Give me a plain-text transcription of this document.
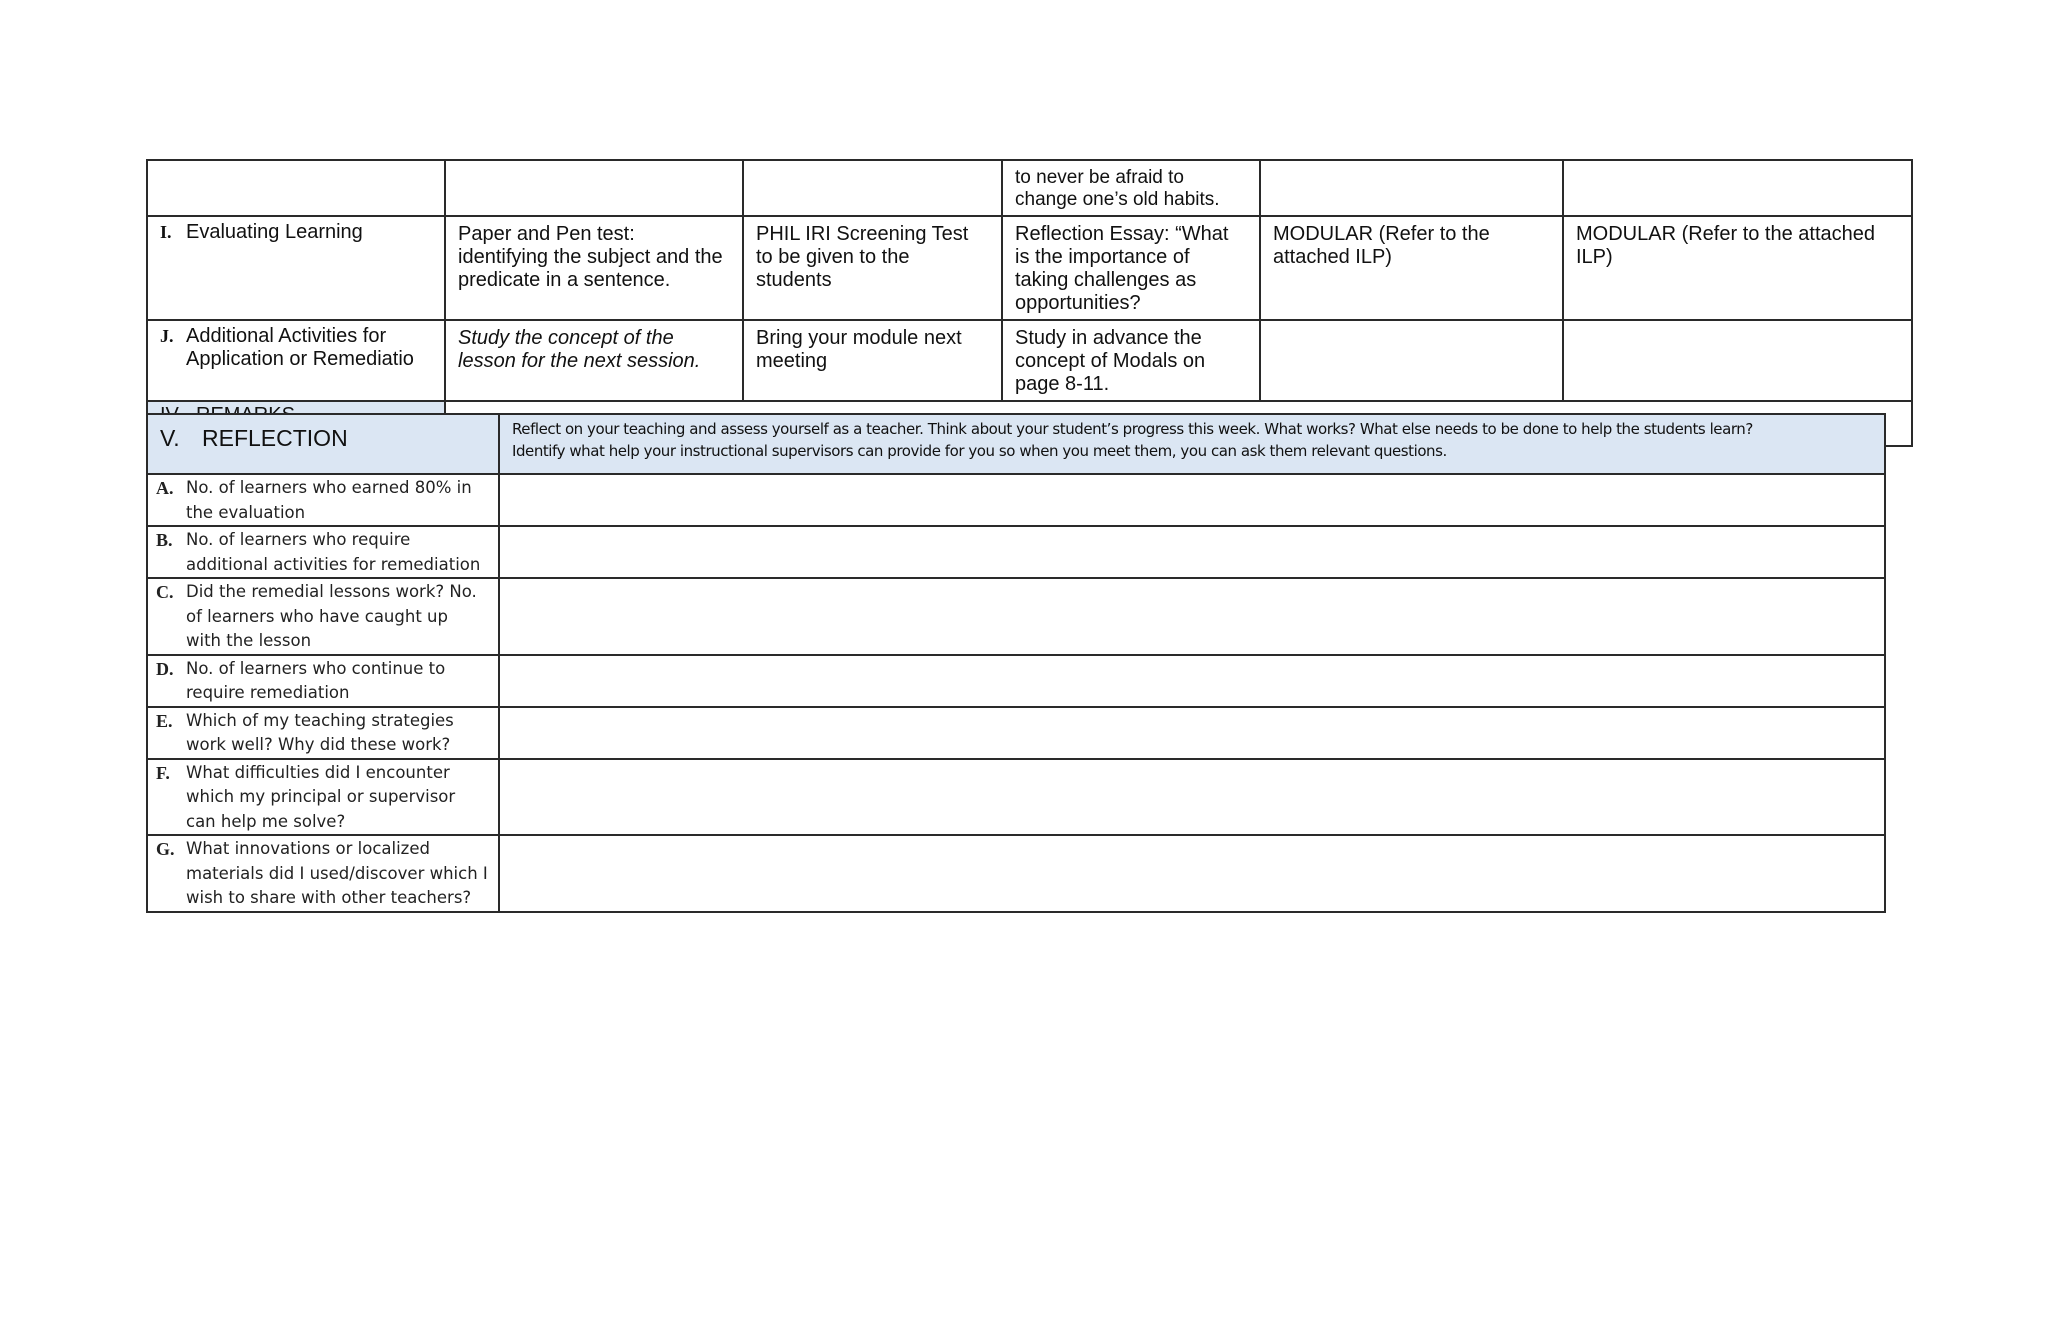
			to never be afraid to change one’s old habits.		

I. Evaluating Learning	Paper and Pen test: identifying the subject and the predicate in a sentence.	PHIL IRI Screening Test to be given to the students	Reflection Essay: “What is the importance of taking challenges as opportunities?	MODULAR (Refer to the attached ILP)	MODULAR (Refer to the attached ILP)

J. Additional Activities for Application or Remediatio	Study the concept of the lesson for the next session.	Bring your module next meeting	Study in advance the concept of Modals on page 8-11.		

V. REFLECTION	Reflect on your teaching and assess yourself as a teacher. Think about your student’s progress this week. What works? What else needs to be done to help the students learn?
Identify what help your instructional supervisors can provide for you so when you meet them, you can ask them relevant questions.

A. No. of learners who earned 80% in the evaluation	

B. No. of learners who require additional activities for remediation	

C. Did the remedial lessons work? No. of learners who have caught up with the lesson	

D. No. of learners who continue to require remediation	

E. Which of my teaching strategies work well? Why did these work?	

F. What difficulties did I encounter which my principal or supervisor can help me solve?	

G. What innovations or localized materials did I used/discover which I wish to share with other teachers?	
